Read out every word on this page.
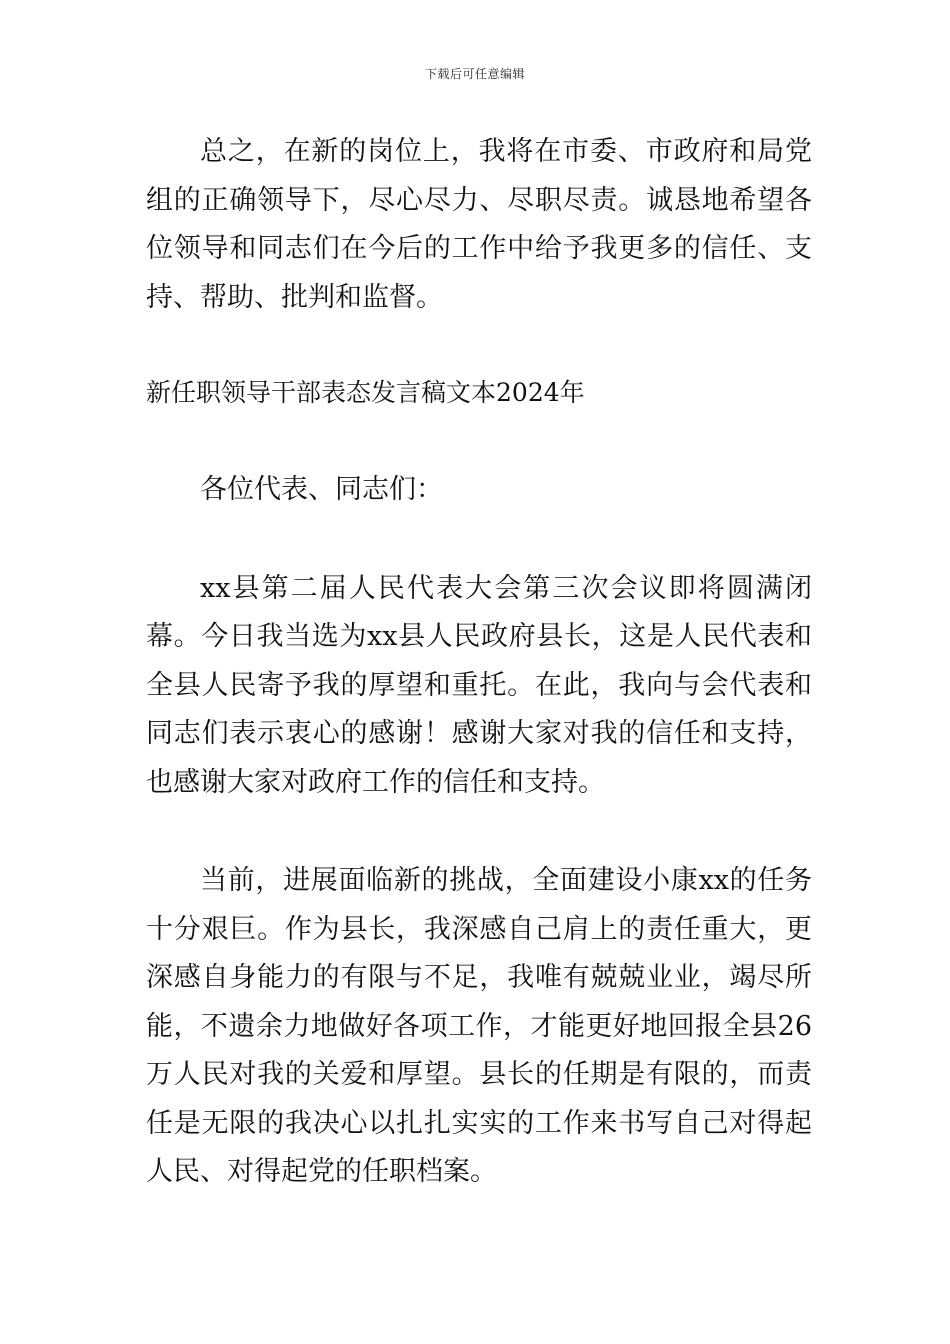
下载后可任意编辑

总之，在新的岗位上，我将在市委、市政府和局党组的正确领导下，尽心尽力、尽职尽责。诚恳地希望各位领导和同志们在今后的工作中给予我更多的信任、支持、帮助、批判和监督。

新任职领导干部表态发言稿文本2024年

各位代表、同志们：

xx县第二届人民代表大会第三次会议即将圆满闭幕。今日我当选为xx县人民政府县长，这是人民代表和全县人民寄予我的厚望和重托。在此，我向与会代表和同志们表示衷心的感谢！感谢大家对我的信任和支持，也感谢大家对政府工作的信任和支持。

当前，进展面临新的挑战，全面建设小康xx的任务十分艰巨。作为县长，我深感自己肩上的责任重大，更深感自身能力的有限与不足，我唯有兢兢业业，竭尽所能，不遗余力地做好各项工作，才能更好地回报全县26万人民对我的关爱和厚望。县长的任期是有限的，而责任是无限的我决心以扎扎实实的工作来书写自己对得起人民、对得起党的任职档案。
